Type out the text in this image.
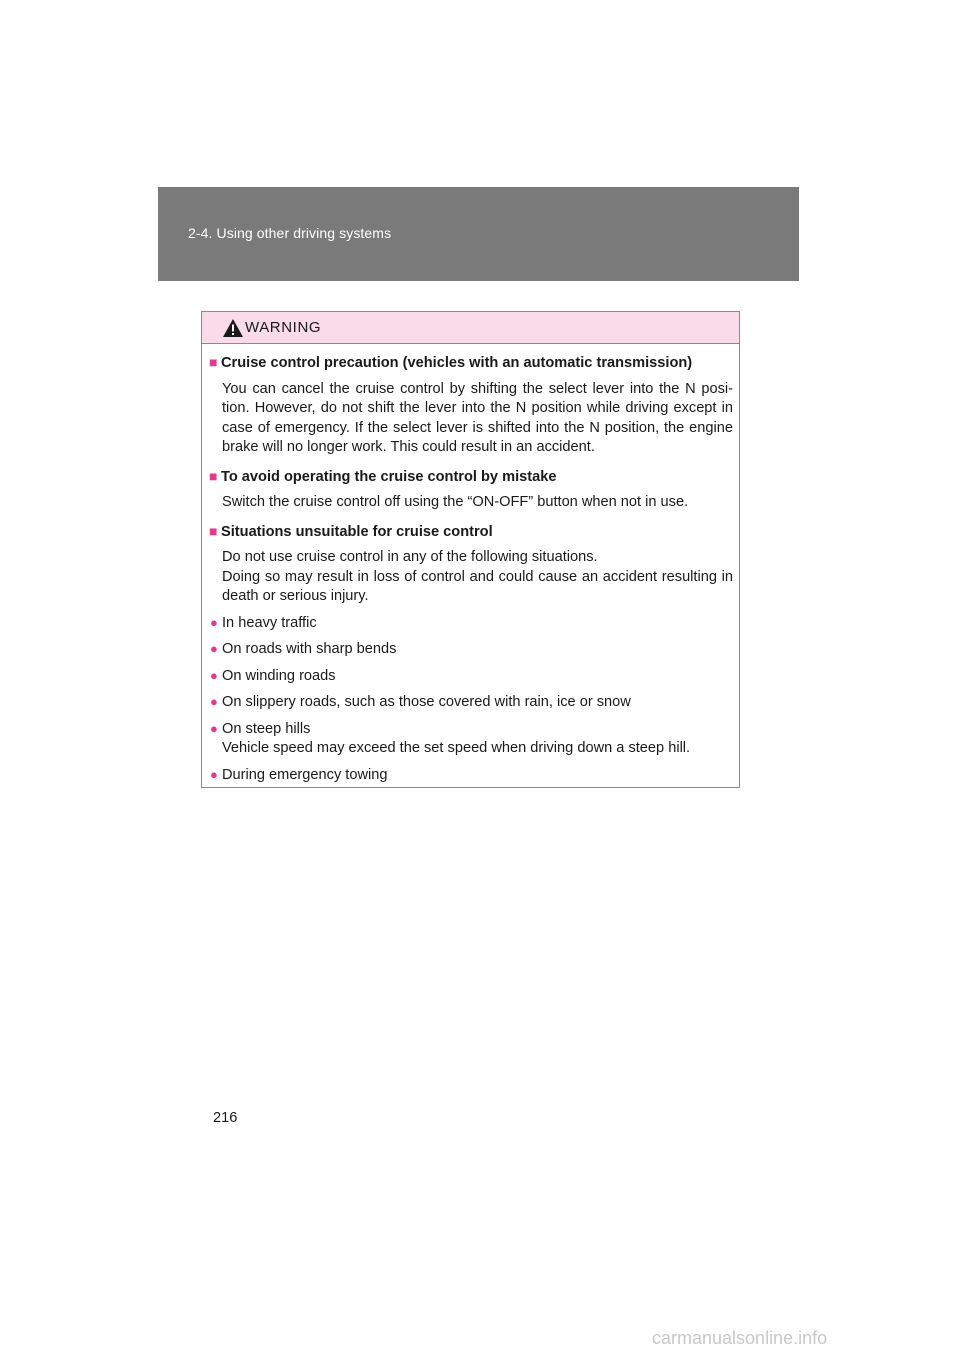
2-4. Using other driving systems
WARNING
■ Cruise control precaution (vehicles with an automatic transmission)
You can cancel the cruise control by shifting the select lever into the N posi-tion. However, do not shift the lever into the N position while driving except in case of emergency. If the select lever is shifted into the N position, the engine brake will no longer work. This could result in an accident.
■ To avoid operating the cruise control by mistake
Switch the cruise control off using the “ON-OFF” button when not in use.
■ Situations unsuitable for cruise control
Do not use cruise control in any of the following situations.
Doing so may result in loss of control and could cause an accident resulting in death or serious injury.
● In heavy traffic
● On roads with sharp bends
● On winding roads
● On slippery roads, such as those covered with rain, ice or snow
● On steep hills
Vehicle speed may exceed the set speed when driving down a steep hill.
● During emergency towing
216
carmanualsonline.info
